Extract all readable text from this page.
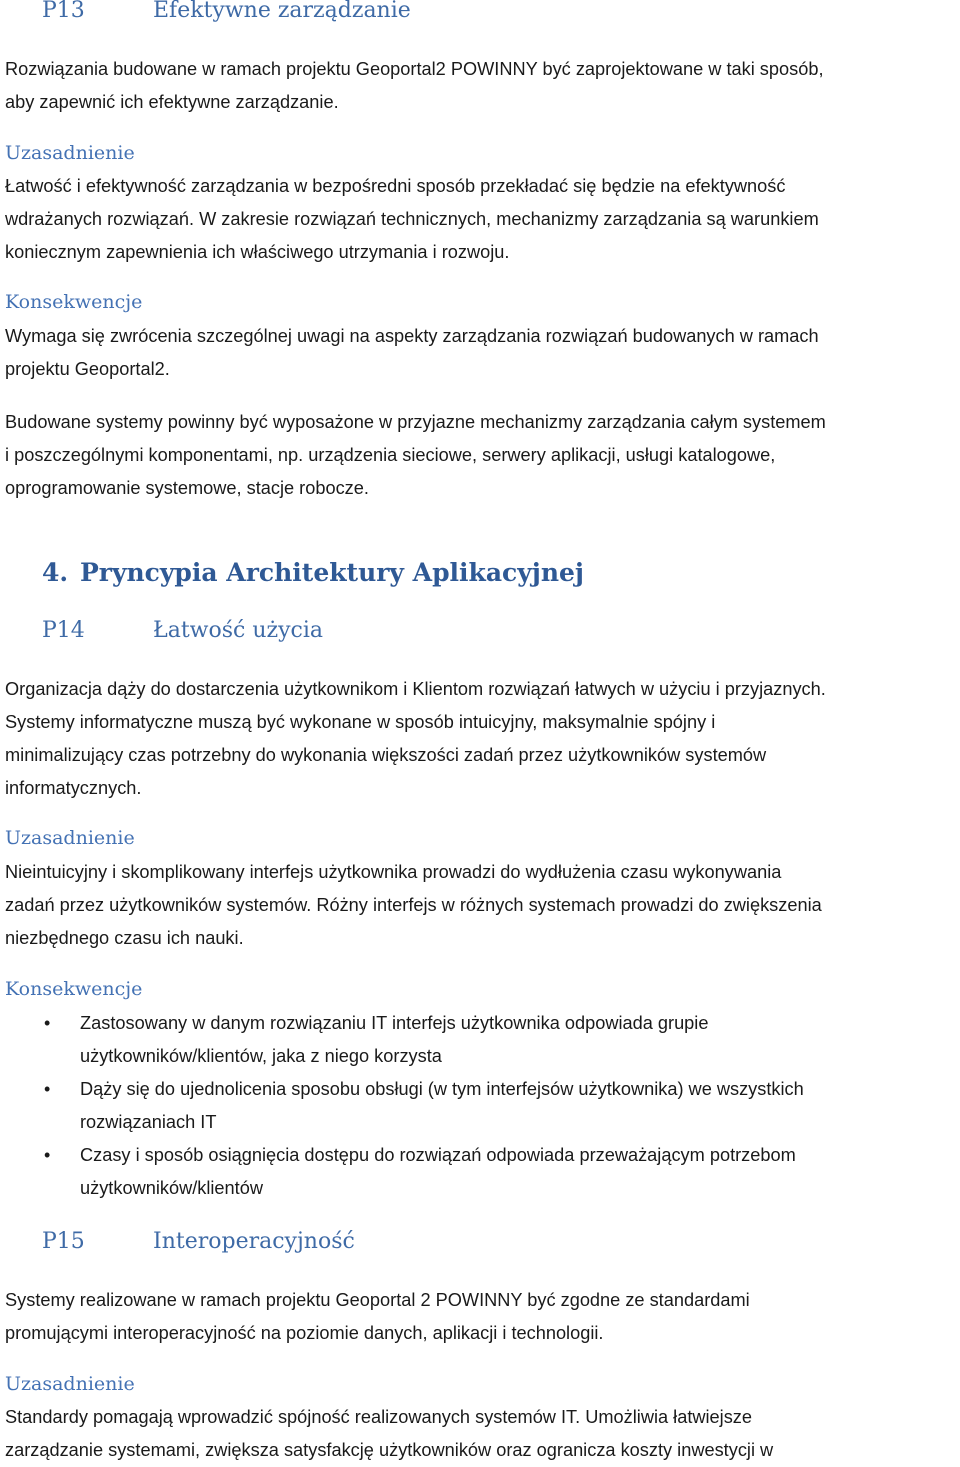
P13	Efektywne zarządzanie
Rozwiązania budowane w ramach projektu Geoportal2 POWINNY być zaprojektowane w taki sposób,
aby zapewnić ich efektywne zarządzanie.
Uzasadnienie
Łatwość i efektywność zarządzania w bezpośredni sposób przekładać się będzie na efektywność
wdrażanych rozwiązań. W zakresie rozwiązań technicznych, mechanizmy zarządzania są warunkiem
koniecznym zapewnienia ich właściwego utrzymania i rozwoju.
Konsekwencje
Wymaga się zwrócenia szczególnej uwagi na aspekty zarządzania rozwiązań budowanych w ramach
projektu Geoportal2.
Budowane systemy powinny być wyposażone w przyjazne mechanizmy zarządzania całym systemem
i poszczególnymi komponentami, np. urządzenia sieciowe, serwery aplikacji, usługi katalogowe,
oprogramowanie systemowe, stacje robocze.
4. Pryncypia Architektury Aplikacyjnej
P14	Łatwość użycia
Organizacja dąży do dostarczenia użytkownikom i Klientom rozwiązań łatwych w użyciu i przyjaznych.
Systemy informatyczne muszą być wykonane w sposób intuicyjny, maksymalnie spójny i
minimalizujący czas potrzebny do wykonania większości zadań przez użytkowników systemów
informatycznych.
Uzasadnienie
Nieintuicyjny i skomplikowany interfejs użytkownika prowadzi do wydłużenia czasu wykonywania
zadań przez użytkowników systemów. Różny interfejs w różnych systemach prowadzi do zwiększenia
niezbędnego czasu ich nauki.
Konsekwencje
• Zastosowany w danym rozwiązaniu IT interfejs użytkownika odpowiada grupie
użytkowników/klientów, jaka z niego korzysta
• Dąży się do ujednolicenia sposobu obsługi (w tym interfejsów użytkownika) we wszystkich
rozwiązaniach IT
• Czasy i sposób osiągnięcia dostępu do rozwiązań odpowiada przeważającym potrzebom
użytkowników/klientów
P15	Interoperacyjność
Systemy realizowane w ramach projektu Geoportal 2 POWINNY być zgodne ze standardami
promującymi interoperacyjność na poziomie danych, aplikacji i technologii.
Uzasadnienie
Standardy pomagają wprowadzić spójność realizowanych systemów IT. Umożliwia łatwiejsze
zarządzanie systemami, zwiększa satysfakcję użytkowników oraz ogranicza koszty inwestycji w
